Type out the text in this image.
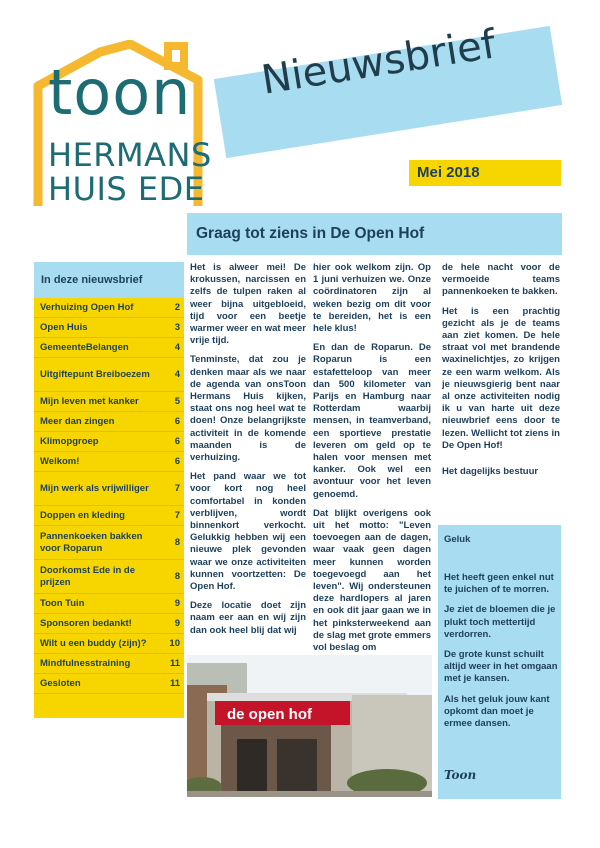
toon
HERMANS
HUIS EDE
Nieuwsbrief
Mei 2018
Graag tot ziens in De Open Hof
In deze nieuwsbrief
Verhuizing Open Hof	2
Open Huis	3
GemeenteBelangen	4
Uitgiftepunt Breiboezem	4
Mijn leven met kanker	5
Meer dan zingen	6
Klimopgroep	6
Welkom!	6
Mijn werk als vrijwilliger	7
Doppen en kleding	7
Pannenkoeken bakken voor Roparun	8
Doorkomst Ede in de prijzen	8
Toon Tuin	9
Sponsoren bedankt!	9
Wilt u een buddy (zijn)?	10
Mindfulnesstraining	11
Gesloten	11

Het is alweer mei! De krokussen, narcissen en zelfs de tulpen raken al weer bijna uitgebloeid, tijd voor een beetje warmer weer en wat meer vrije tijd.

Tenminste, dat zou je denken maar als we naar de agenda van onsToon Hermans Huis kijken, staat ons nog heel wat te doen! Onze belangrijkste activiteit in de komende maanden is de verhuizing.

Het pand waar we tot voor kort nog heel comfortabel in konden verblijven, wordt binnenkort verkocht. Gelukkig hebben wij een nieuwe plek gevonden waar we onze activiteiten kunnen voortzetten: De Open Hof.

Deze locatie doet zijn naam eer aan en wij zijn dan ook heel blij dat wij

hier ook welkom zijn. Op 1 juni verhuizen we. Onze coördinatoren zijn al weken bezig om dit voor te bereiden, het is een hele klus!

En dan de Roparun. De Roparun is een estafetteloop van meer dan 500 kilometer van Parijs en Hamburg naar Rotterdam waarbij mensen, in teamverband, een sportieve prestatie leveren om geld op te halen voor mensen met kanker. Ook wel een avontuur voor het leven genoemd.

Dat blijkt overigens ook uit het motto: "Leven toevoegen aan de dagen, waar vaak geen dagen meer kunnen worden toegevoegd aan het leven". Wij ondersteunen deze hardlopers al jaren en ook dit jaar gaan we in het pinksterweekend aan de slag met grote emmers vol beslag om

de hele nacht voor de vermoeide teams pannenkoeken te bakken.

Het is een prachtig gezicht als je de teams aan ziet komen. De hele straat vol met brandende waxinelichtjes, zo krijgen ze een warm welkom. Als je nieuwsgierig bent naar al onze activiteiten nodig ik u van harte uit deze nieuwbrief eens door te lezen. Wellicht tot ziens in De Open Hof!

Het dagelijks bestuur

de open hof
Geluk

Het heeft geen enkel nut te juichen of te morren.

Je ziet de bloemen die je plukt toch mettertijd verdorren.

De grote kunst schuilt altijd weer in het omgaan met je kansen.

Als het geluk jouw kant opkomt dan moet je ermee dansen.

Toon
